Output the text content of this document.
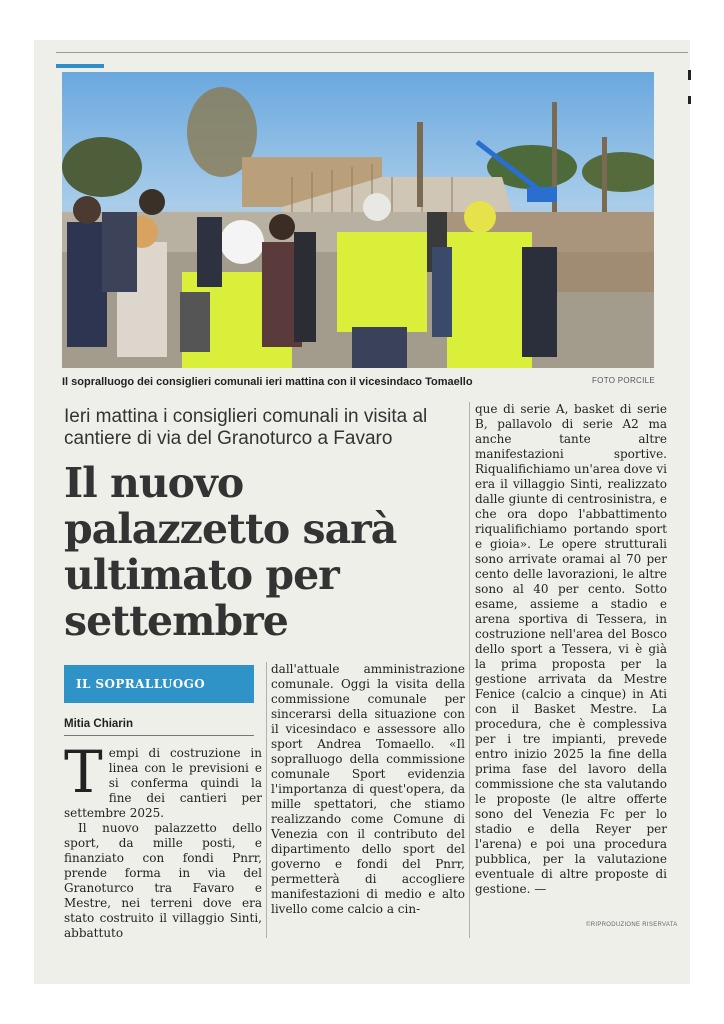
Il sopralluogo dei consiglieri comunali ieri mattina con il vicesindaco Tomaello	FOTO PORCILE
Ieri mattina i consiglieri comunali in visita al cantiere di via del Granoturco a Favaro
Il nuovo palazzetto sarà ultimato per settembre
IL SOPRALLUOGO
Mitia Chiarin
T empi di costruzione in linea con le previsioni e si conferma quindi la fine dei cantieri per settembre 2025.
Il nuovo palazzetto dello sport, da mille posti, e finanziato con fondi Pnrr, prende forma in via del Granoturco tra Favaro e Mestre, nei terreni dove era stato costruito il villaggio Sinti, abbattuto
dall'attuale amministrazione comunale. Oggi la visita della commissione comunale per sincerarsi della situazione con il vicesindaco e assessore allo sport Andrea Tomaello. «Il sopralluogo della commissione comunale Sport evidenzia l'importanza di quest'opera, da mille spettatori, che stiamo realizzando come Comune di Venezia con il contributo del dipartimento dello sport del governo e fondi del Pnrr, permetterà di accogliere manifestazioni di medio e alto livello come calcio a cin-
que di serie A, basket di serie B, pallavolo di serie A2 ma anche tante altre manifestazioni sportive. Riqualifichiamo un'area dove vi era il villaggio Sinti, realizzato dalle giunte di centrosinistra, e che ora dopo l'abbattimento riqualifichiamo portando sport e gioia». Le opere strutturali sono arrivate oramai al 70 per cento delle lavorazioni, le altre sono al 40 per cento. Sotto esame, assieme a stadio e arena sportiva di Tessera, in costruzione nell'area del Bosco dello sport a Tessera, vi è già la prima proposta per la gestione arrivata da Mestre Fenice (calcio a cinque) in Ati con il Basket Mestre. La procedura, che è complessiva per i tre impianti, prevede entro inizio 2025 la fine della prima fase del lavoro della commissione che sta valutando le proposte (le altre offerte sono del Venezia Fc per lo stadio e della Reyer per l'arena) e poi una procedura pubblica, per la valutazione eventuale di altre proposte di gestione. —
©RIPRODUZIONE RISERVATA
